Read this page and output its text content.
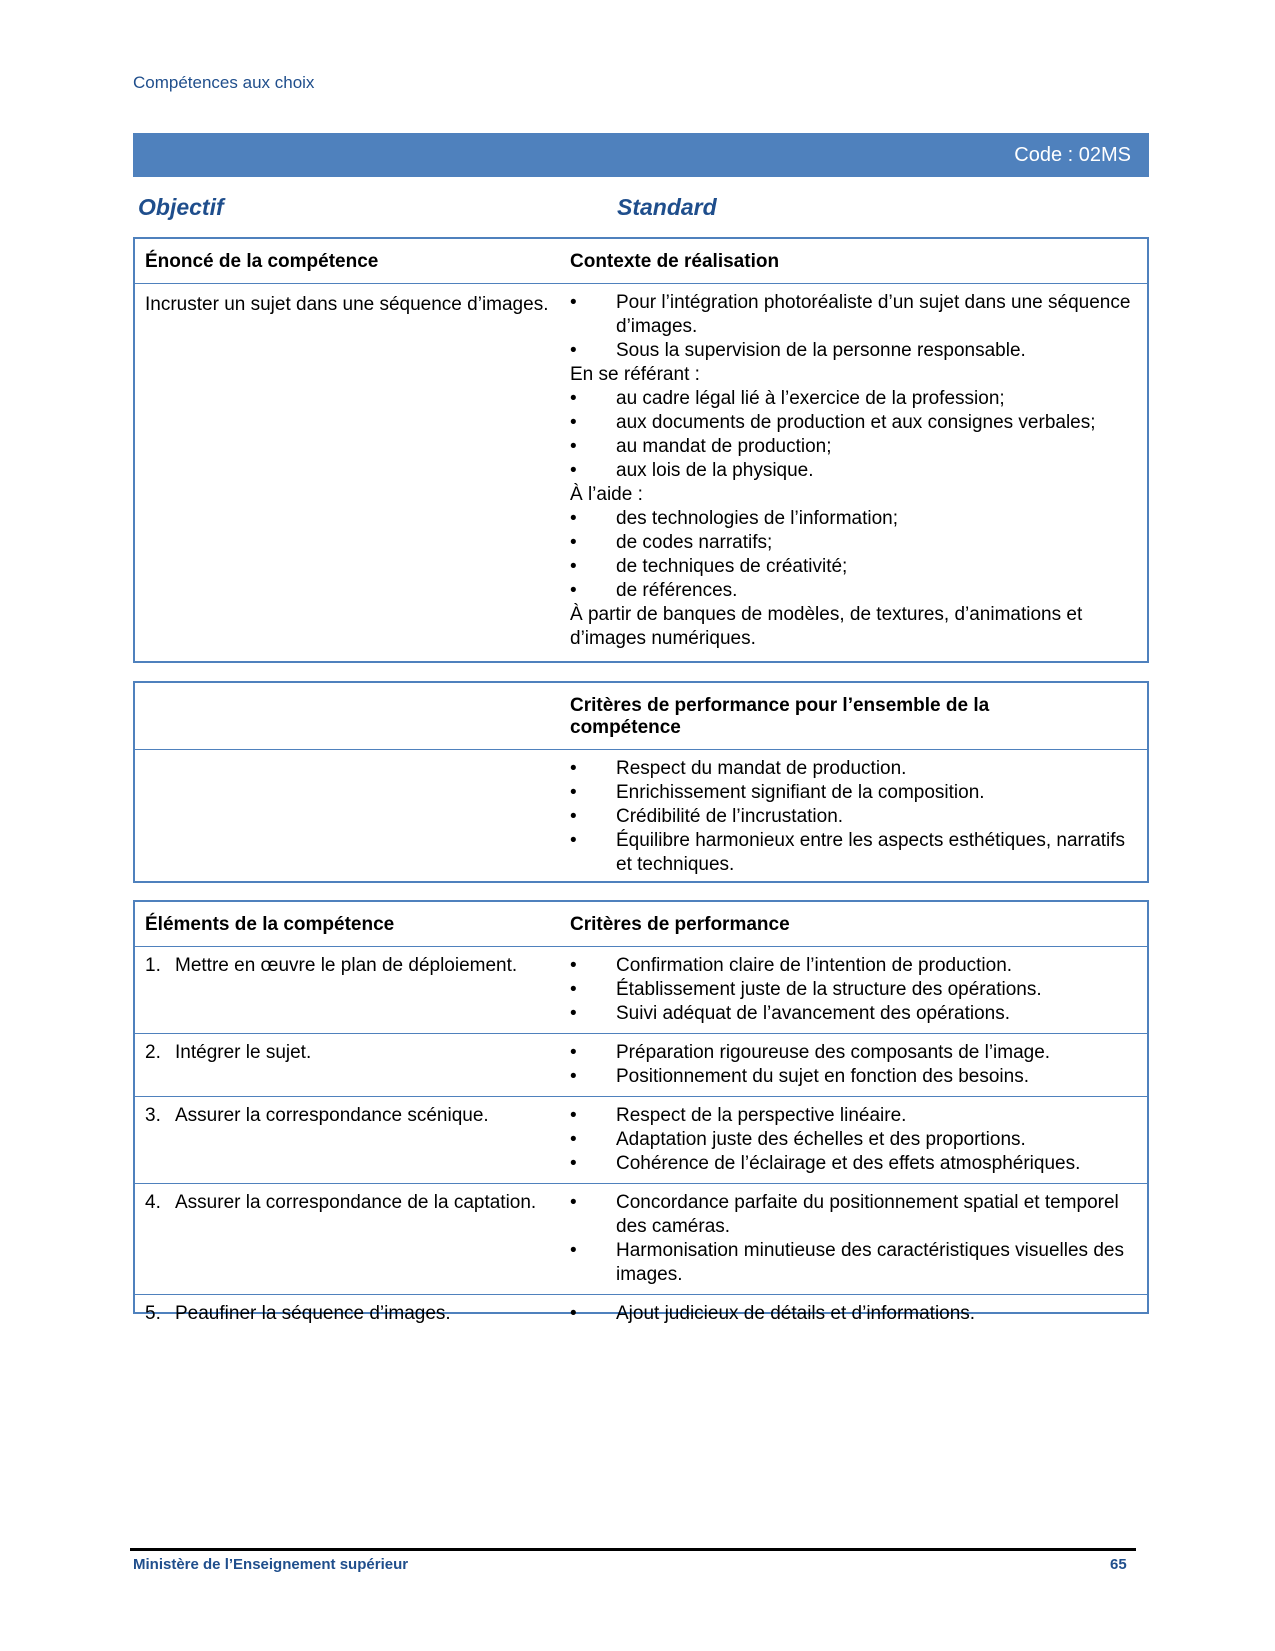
Compétences aux choix
Code : 02MS
Objectif	Standard
Énoncé de la compétence	Contexte de réalisation
Incruster un sujet dans une séquence d’images.	• Pour l’intégration photoréaliste d’un sujet dans une séquence d’images.
• Sous la supervision de la personne responsable.
En se référant :
• au cadre légal lié à l’exercice de la profession;
• aux documents de production et aux consignes verbales;
• au mandat de production;
• aux lois de la physique.
À l’aide :
• des technologies de l’information;
• de codes narratifs;
• de techniques de créativité;
• de références.
À partir de banques de modèles, de textures, d’animations et d’images numériques.
Critères de performance pour l’ensemble de la compétence
• Respect du mandat de production.
• Enrichissement signifiant de la composition.
• Crédibilité de l’incrustation.
• Équilibre harmonieux entre les aspects esthétiques, narratifs et techniques.
Éléments de la compétence	Critères de performance
1. Mettre en œuvre le plan de déploiement.	• Confirmation claire de l’intention de production.
• Établissement juste de la structure des opérations.
• Suivi adéquat de l’avancement des opérations.
2. Intégrer le sujet.	• Préparation rigoureuse des composants de l’image.
• Positionnement du sujet en fonction des besoins.
3. Assurer la correspondance scénique.	• Respect de la perspective linéaire.
• Adaptation juste des échelles et des proportions.
• Cohérence de l’éclairage et des effets atmosphériques.
4. Assurer la correspondance de la captation.	• Concordance parfaite du positionnement spatial et temporel des caméras.
• Harmonisation minutieuse des caractéristiques visuelles des images.
5. Peaufiner la séquence d’images.	• Ajout judicieux de détails et d’informations.
Ministère de l’Enseignement supérieur	65
